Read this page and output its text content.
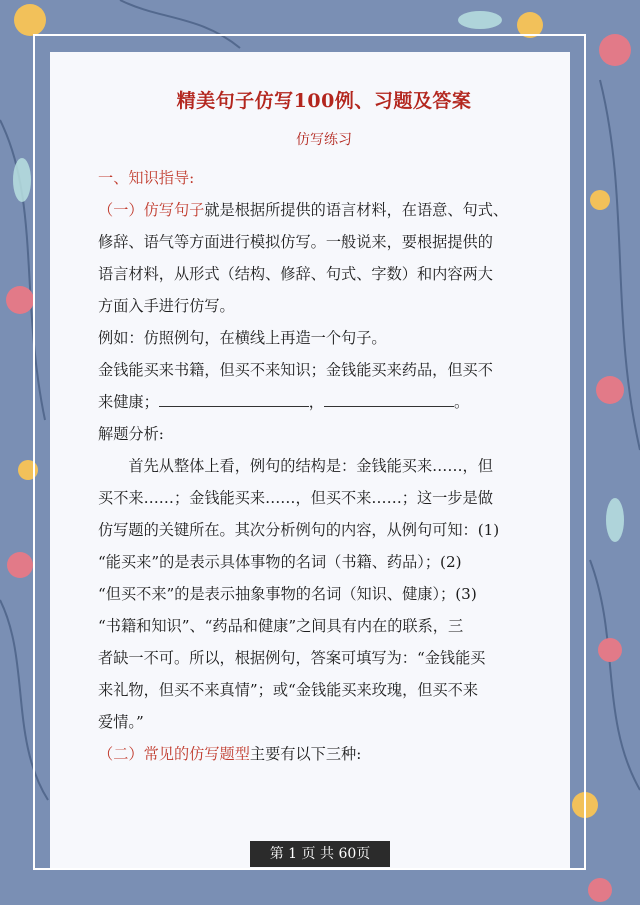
精美句子仿写100例、习题及答案

仿写练习

一、知识指导:

（一）仿写句子就是根据所提供的语言材料，在语意、句式、

修辞、语气等方面进行模拟仿写。一般说来，要根据提供的

语言材料，从形式（结构、修辞、句式、字数）和内容两大

方面入手进行仿写。

例如：仿照例句，在横线上再造一个句子。

金钱能买来书籍，但买不来知识；金钱能买来药品，但买不

来健康；	，	。

解题分析:

首先从整体上看，例句的结构是：金钱能买来……，但

买不来……；金钱能买来……，但买不来……；这一步是做

仿写题的关键所在。其次分析例句的内容，从例句可知：(1)

“能买来”的是表示具体事物的名词（书籍、药品）；(2)

“但买不来”的是表示抽象事物的名词（知识、健康）；(3)

“书籍和知识”、“药品和健康”之间具有内在的联系，三

者缺一不可。所以，根据例句，答案可填写为：“金钱能买

来礼物，但买不来真情”；或“金钱能买来玫瑰，但买不来

爱情。”

（二）常见的仿写题型主要有以下三种:

第 1 页 共 60页
